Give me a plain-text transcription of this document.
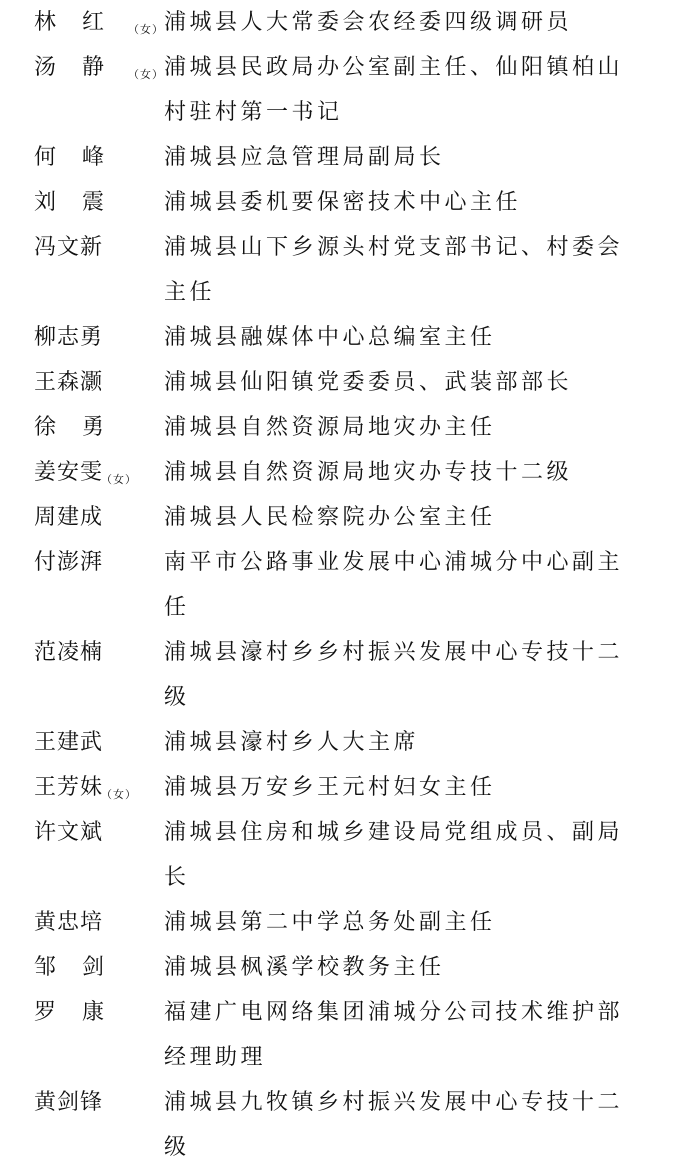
林红（女） 浦城县人大常委会农经委四级调研员
汤静（女） 浦城县民政局办公室副主任、仙阳镇柏山村驻村第一书记
何峰	浦城县应急管理局副局长
刘震	浦城县委机要保密技术中心主任
冯文新	浦城县山下乡源头村党支部书记、村委会主任
柳志勇	浦城县融媒体中心总编室主任
王森灏	浦城县仙阳镇党委委员、武装部部长
徐勇	浦城县自然资源局地灾办主任
姜安雯（女）	浦城县自然资源局地灾办专技十二级
周建成	浦城县人民检察院办公室主任
付澎湃	南平市公路事业发展中心浦城分中心副主任
范凌楠	浦城县濠村乡乡村振兴发展中心专技十二级
王建武	浦城县濠村乡人大主席
王芳妹（女）	浦城县万安乡王元村妇女主任
许文斌	浦城县住房和城乡建设局党组成员、副局长
黄忠培	浦城县第二中学总务处副主任
邹剑	浦城县枫溪学校教务主任
罗康	福建广电网络集团浦城分公司技术维护部经理助理
黄剑锋	浦城县九牧镇乡村振兴发展中心专技十二级
